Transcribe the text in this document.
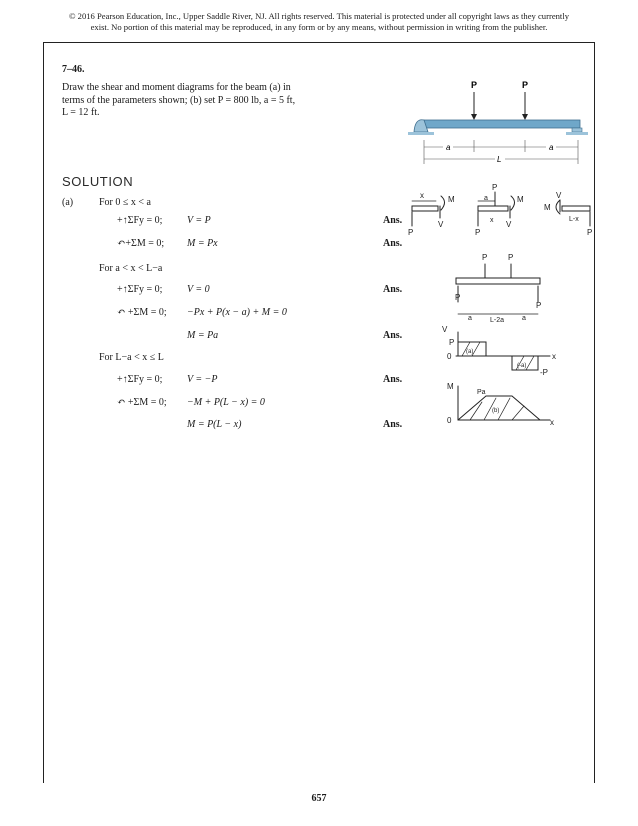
© 2016 Pearson Education, Inc., Upper Saddle River, NJ. All rights reserved. This material is protected under all copyright laws as they currently
exist. No portion of this material may be reproduced, in any form or by any means, without permission in writing from the publisher.
7–46.
Draw the shear and moment diagrams for the beam (a) in
terms of the parameters shown; (b) set P = 800 lb, a = 5 ft,
L = 12 ft.
P	P
a	a
L
SOLUTION
(a)	For 0 ≤ x < a
+↑ΣFy = 0; V = P	Ans.
↶+ΣM = 0; M = Px	Ans.
For a < x < L−a
+↑ΣFy = 0; V = 0	Ans.
↶ +ΣM = 0; −Px + P(x − a) + M = 0
M = Pa	Ans.
For L−a < x ≤ L
+↑ΣFy = 0; V = −P	Ans.
↶ +ΣM = 0; −M + P(L − x) = 0
M = P(L − x)	Ans.
x	M
V
P
P
a
x
M
V
P
M
V
L-x
P
P	P
P
P
a	L-2a	a
V
P
0 (a)
(-a)
x
-P
M
Pa
0
(b)
x
657
